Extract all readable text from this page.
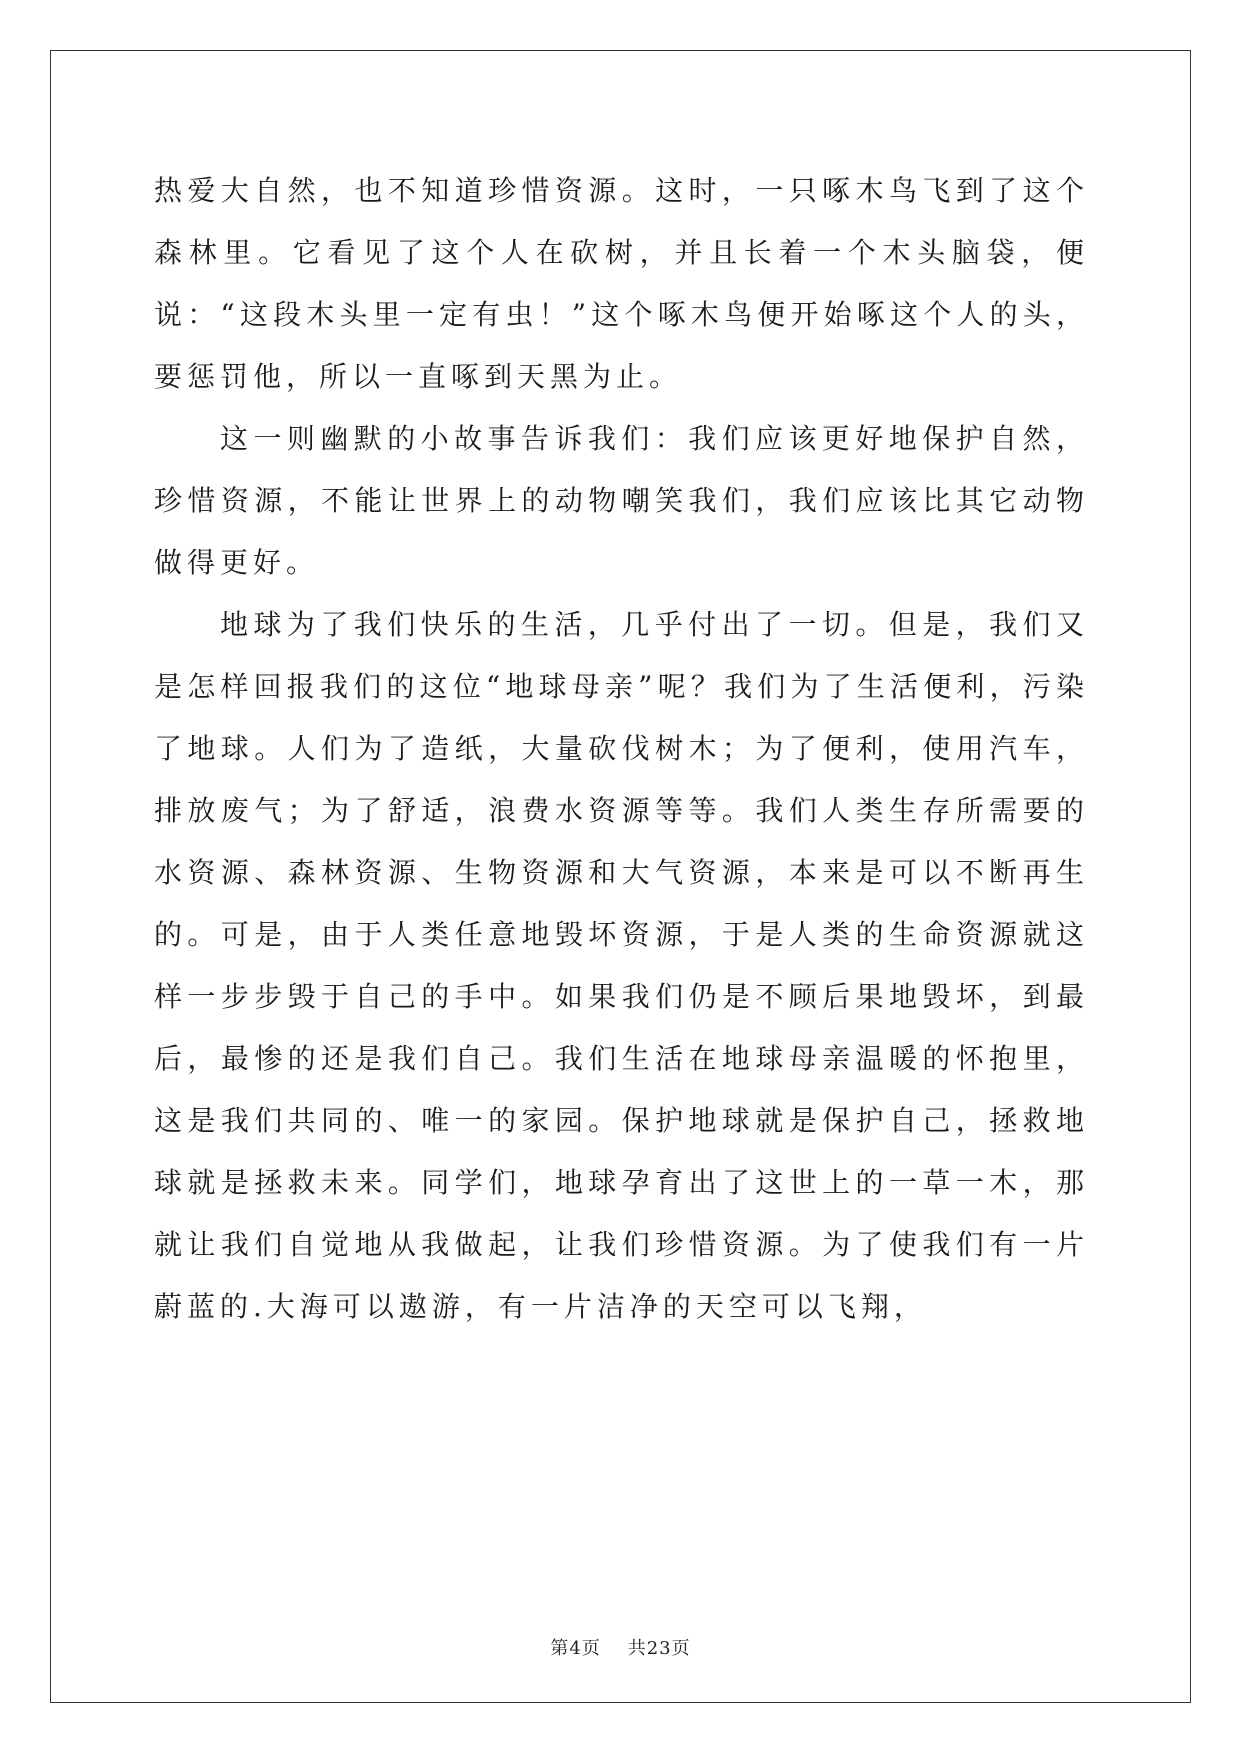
热爱大自然，也不知道珍惜资源。这时，一只啄木鸟飞到了这个森林里。它看见了这个人在砍树，并且长着一个木头脑袋，便说：“这段木头里一定有虫！”这个啄木鸟便开始啄这个人的头，要惩罚他，所以一直啄到天黑为止。

这一则幽默的小故事告诉我们：我们应该更好地保护自然，珍惜资源，不能让世界上的动物嘲笑我们，我们应该比其它动物做得更好。

地球为了我们快乐的生活，几乎付出了一切。但是，我们又是怎样回报我们的这位“地球母亲”呢？我们为了生活便利，污染了地球。人们为了造纸，大量砍伐树木；为了便利，使用汽车，排放废气；为了舒适，浪费水资源等等。我们人类生存所需要的水资源、森林资源、生物资源和大气资源，本来是可以不断再生的。可是，由于人类任意地毁坏资源，于是人类的生命资源就这样一步步毁于自己的手中。如果我们仍是不顾后果地毁坏，到最后，最惨的还是我们自己。我们生活在地球母亲温暖的怀抱里，这是我们共同的、唯一的家园。保护地球就是保护自己，拯救地球就是拯救未来。同学们，地球孕育出了这世上的一草一木，那就让我们自觉地从我做起，让我们珍惜资源。为了使我们有一片蔚蓝的.大海可以遨游，有一片洁净的天空可以飞翔，

第4页 共23页
